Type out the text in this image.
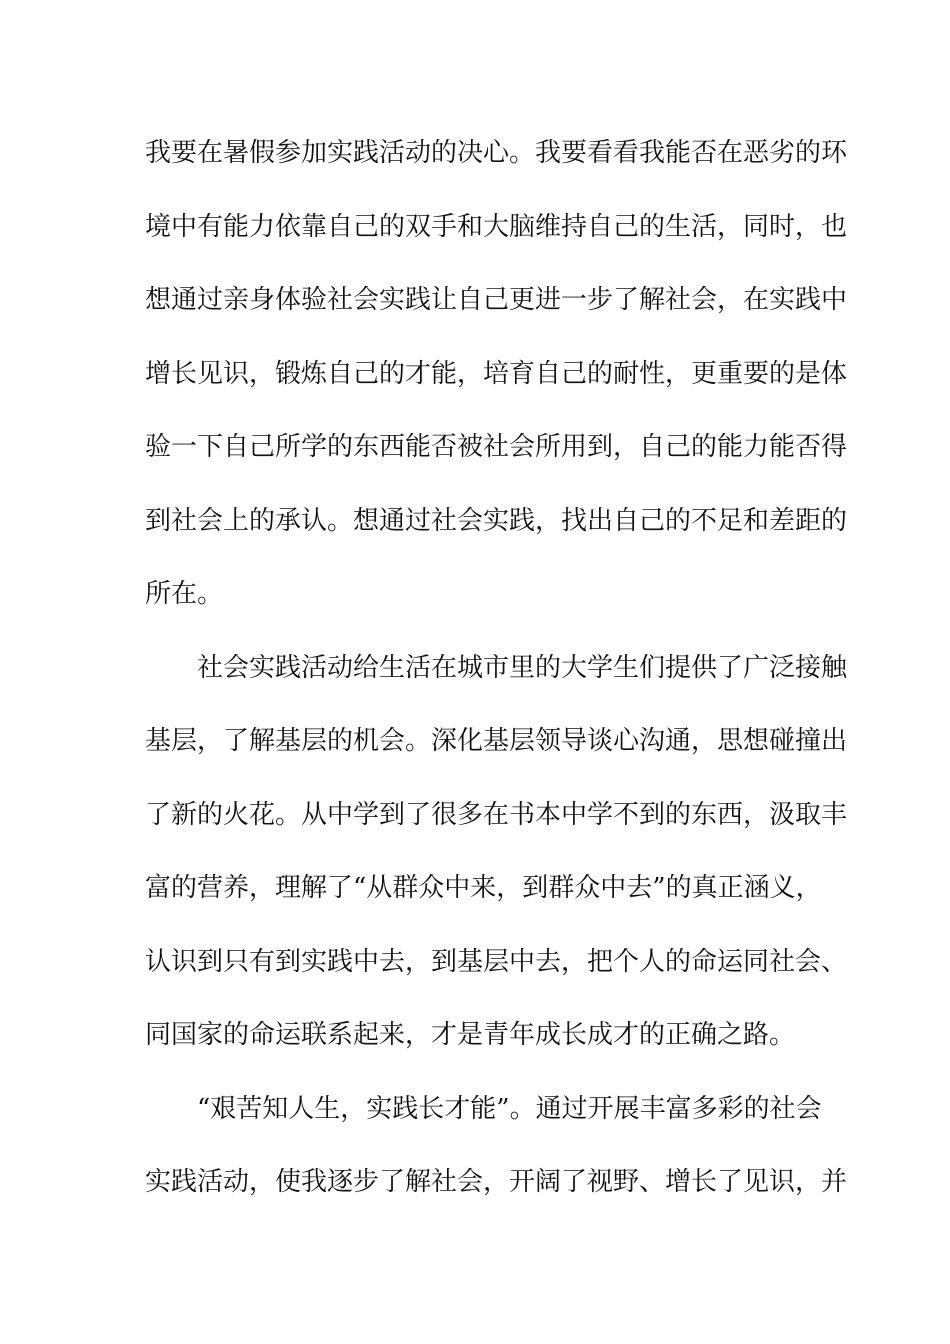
我要在暑假参加实践活动的决心。我要看看我能否在恶劣的环
境中有能力依靠自己的双手和大脑维持自己的生活，同时，也
想通过亲身体验社会实践让自己更进一步了解社会，在实践中
增长见识，锻炼自己的才能，培育自己的耐性，更重要的是体
验一下自己所学的东西能否被社会所用到，自己的能力能否得
到社会上的承认。想通过社会实践，找出自己的不足和差距的
所在。
社会实践活动给生活在城市里的大学生们提供了广泛接触
基层，了解基层的机会。深化基层领导谈心沟通，思想碰撞出
了新的火花。从中学到了很多在书本中学不到的东西，汲取丰
富的营养，理解了“从群众中来，到群众中去”的真正涵义，
认识到只有到实践中去，到基层中去，把个人的命运同社会、
同国家的命运联系起来，才是青年成长成才的正确之路。
“艰苦知人生，实践长才能”。通过开展丰富多彩的社会
实践活动，使我逐步了解社会，开阔了视野、增长了见识，并
